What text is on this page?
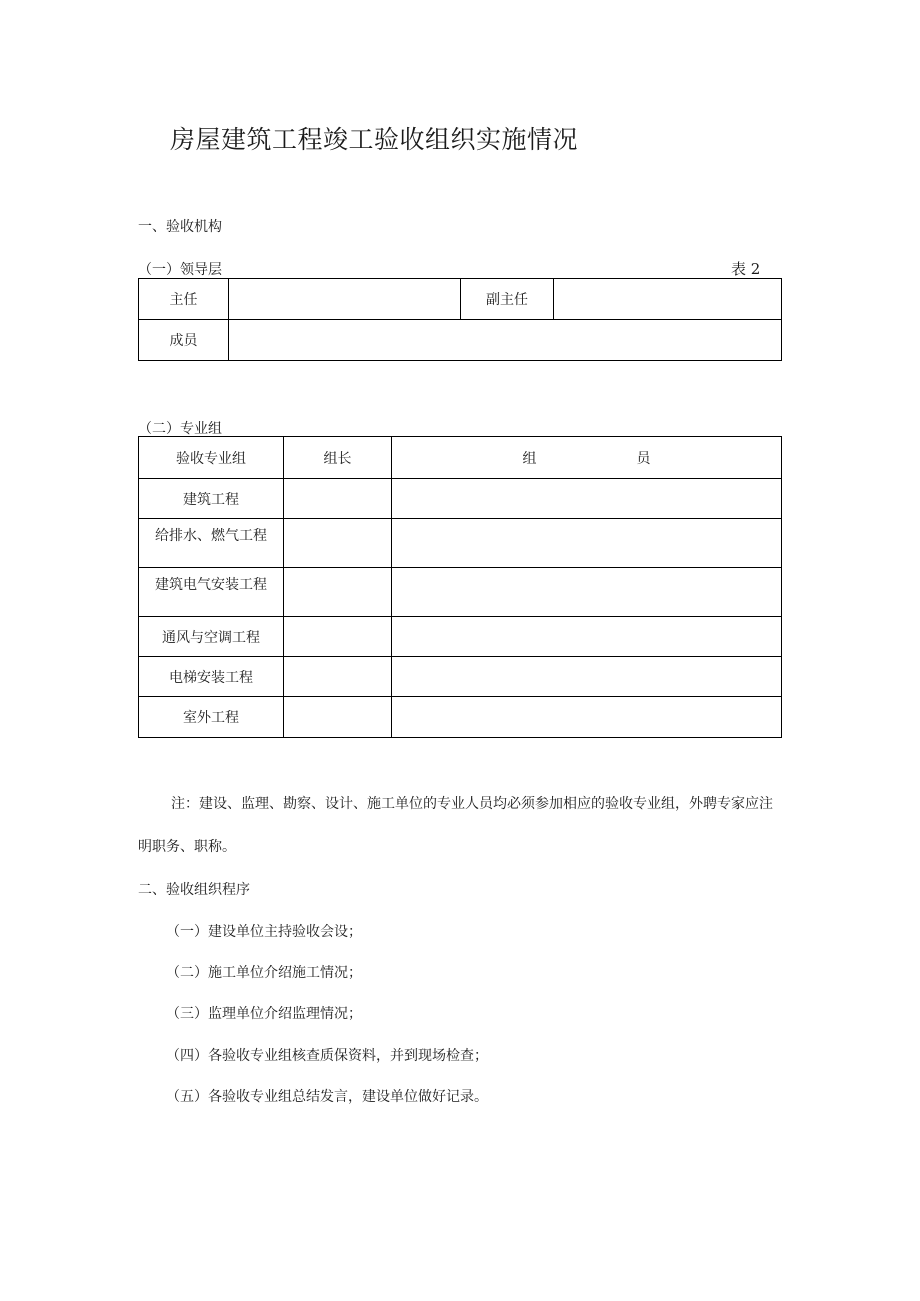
房屋建筑工程竣工验收组织实施情况
一、验收机构
（一）领导层	表 2
主任		副主任	
成员			
（二）专业组
验收专业组	组长	组 员
建筑工程		
给排水、燃气工程		
建筑电气安装工程		
通风与空调工程		
电梯安装工程		
室外工程		
注：建设、监理、勘察、设计、施工单位的专业人员均必须参加相应的验收专业组，外聘专家应注明职务、职称。
二、验收组织程序
（一）建设单位主持验收会设；
（二）施工单位介绍施工情况；
（三）监理单位介绍监理情况；
（四）各验收专业组核查质保资料，并到现场检查；
（五）各验收专业组总结发言，建设单位做好记录。
